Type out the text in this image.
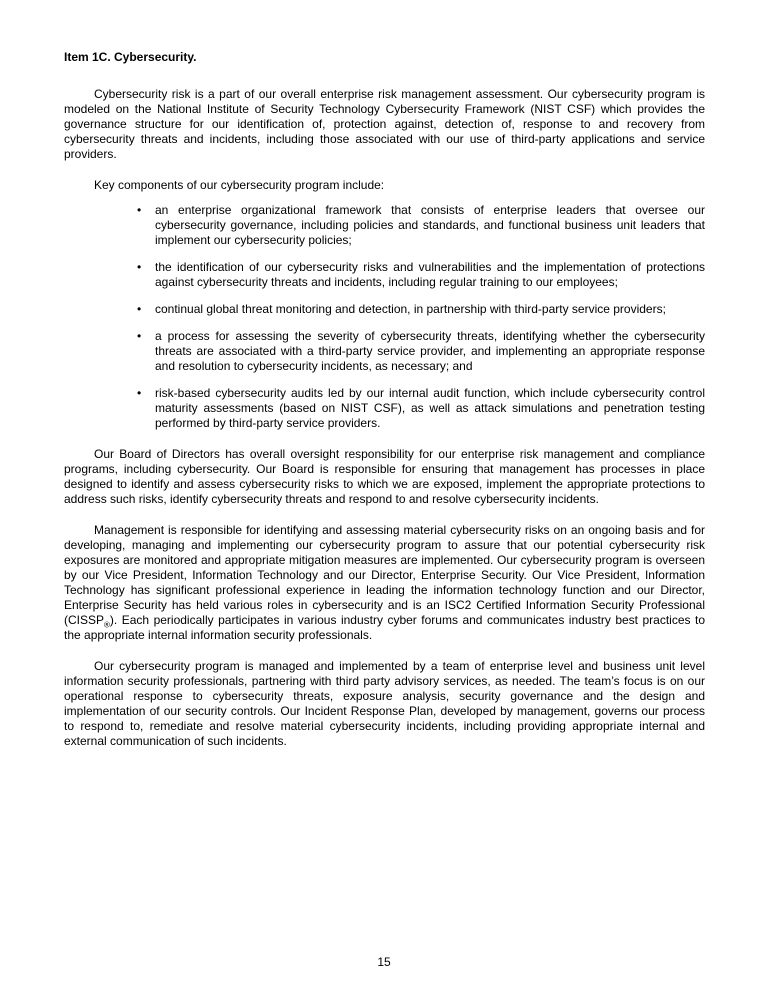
Item 1C. Cybersecurity.

Cybersecurity risk is a part of our overall enterprise risk management assessment. Our cybersecurity program is modeled on the National Institute of Security Technology Cybersecurity Framework (NIST CSF) which provides the governance structure for our identification of, protection against, detection of, response to and recovery from cybersecurity threats and incidents, including those associated with our use of third-party applications and service providers.

Key components of our cybersecurity program include:

•	an enterprise organizational framework that consists of enterprise leaders that oversee our cybersecurity governance, including policies and standards, and functional business unit leaders that implement our cybersecurity policies;
•	the identification of our cybersecurity risks and vulnerabilities and the implementation of protections against cybersecurity threats and incidents, including regular training to our employees;
•	continual global threat monitoring and detection, in partnership with third-party service providers;
•	a process for assessing the severity of cybersecurity threats, identifying whether the cybersecurity threats are associated with a third-party service provider, and implementing an appropriate response and resolution to cybersecurity incidents, as necessary; and
•	risk-based cybersecurity audits led by our internal audit function, which include cybersecurity control maturity assessments (based on NIST CSF), as well as attack simulations and penetration testing performed by third-party service providers.

Our Board of Directors has overall oversight responsibility for our enterprise risk management and compliance programs, including cybersecurity. Our Board is responsible for ensuring that management has processes in place designed to identify and assess cybersecurity risks to which we are exposed, implement the appropriate protections to address such risks, identify cybersecurity threats and respond to and resolve cybersecurity incidents.

Management is responsible for identifying and assessing material cybersecurity risks on an ongoing basis and for developing, managing and implementing our cybersecurity program to assure that our potential cybersecurity risk exposures are monitored and appropriate mitigation measures are implemented. Our cybersecurity program is overseen by our Vice President, Information Technology and our Director, Enterprise Security. Our Vice President, Information Technology has significant professional experience in leading the information technology function and our Director, Enterprise Security has held various roles in cybersecurity and is an ISC2 Certified Information Security Professional $(CISSP_®)$. Each periodically participates in various industry cyber forums and communicates industry best practices to the appropriate internal information security professionals.

Our cybersecurity program is managed and implemented by a team of enterprise level and business unit level information security professionals, partnering with third party advisory services, as needed. The team’s focus is on our operational response to cybersecurity threats, exposure analysis, security governance and the design and implementation of our security controls. Our Incident Response Plan, developed by management, governs our process to respond to, remediate and resolve material cybersecurity incidents, including providing appropriate internal and external communication of such incidents.

15
